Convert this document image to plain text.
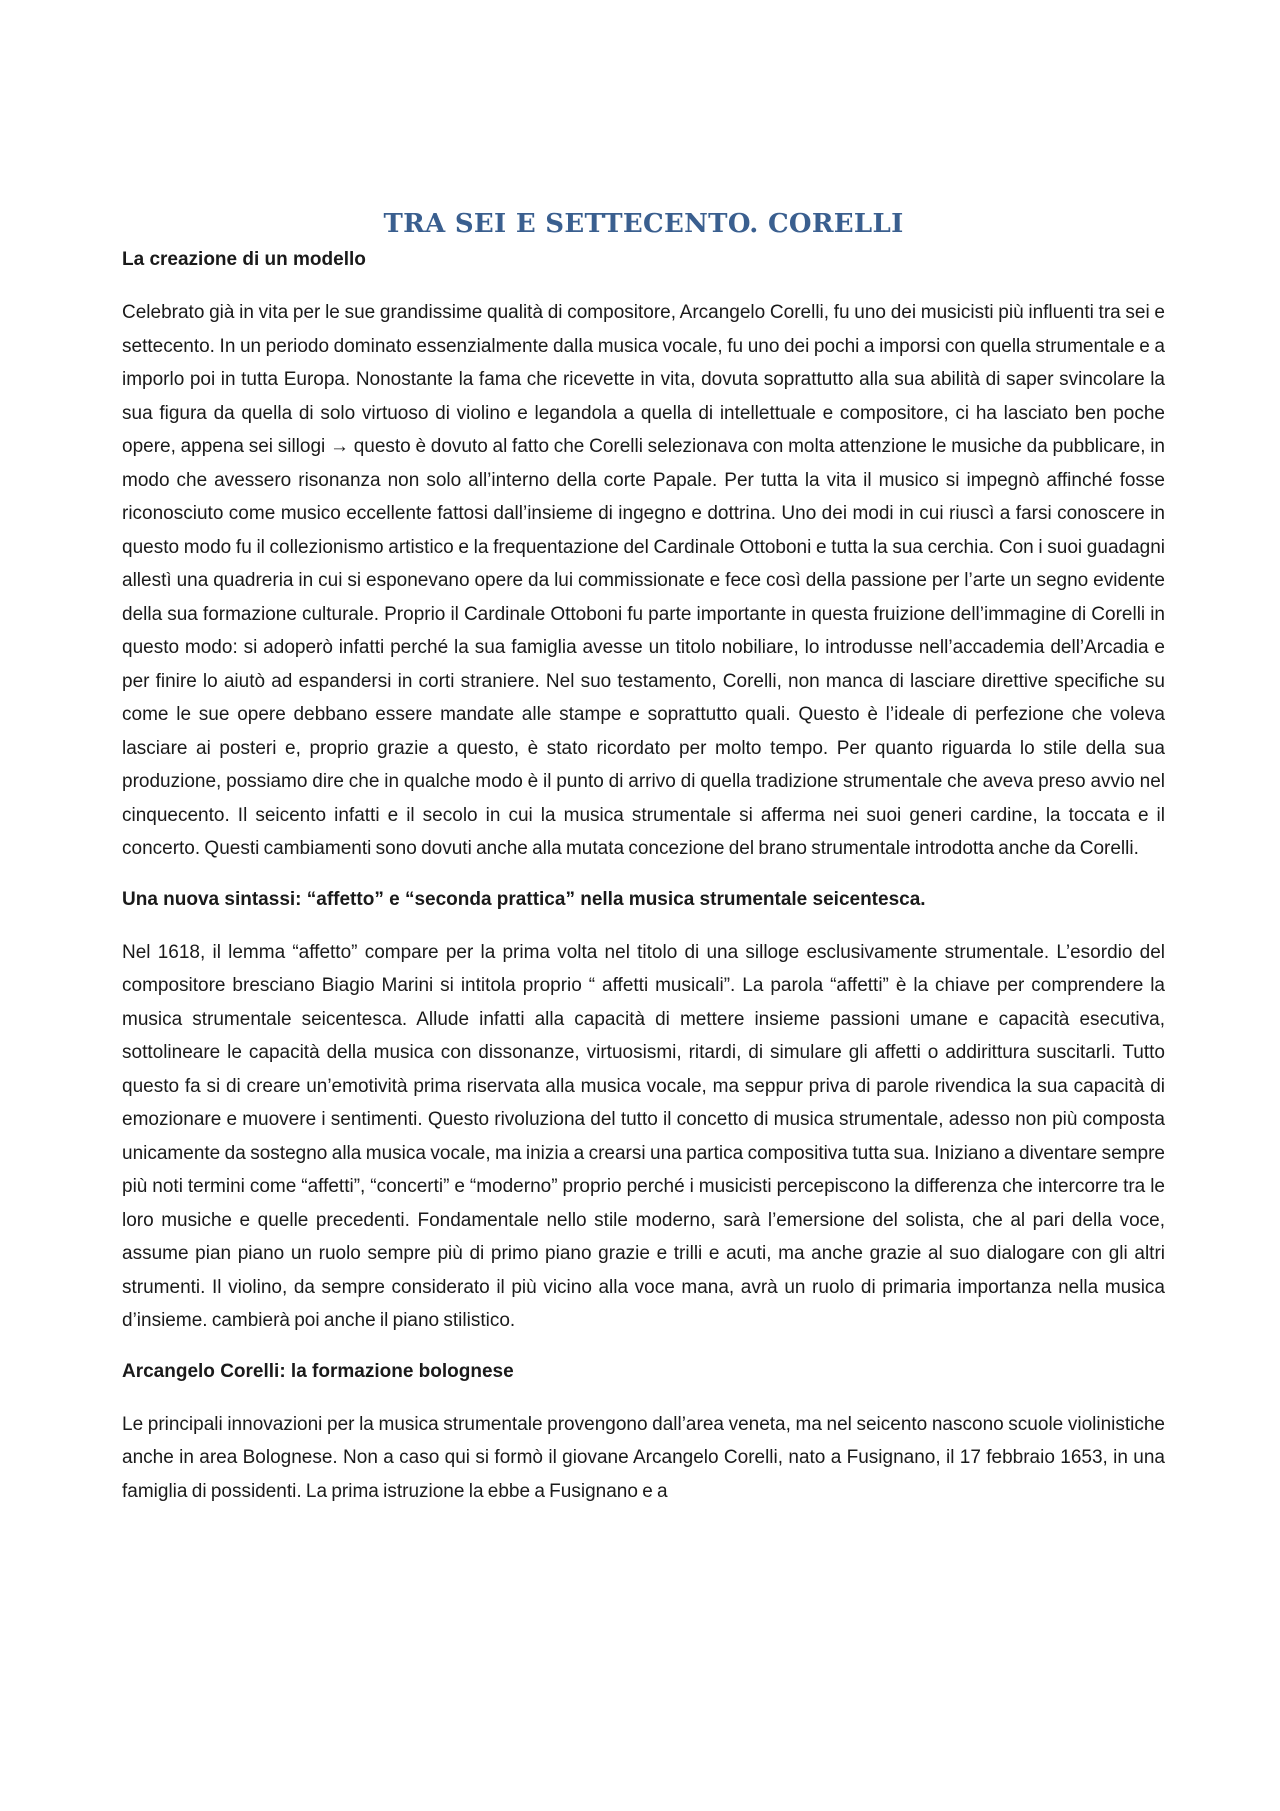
TRA SEI E SETTECENTO. CORELLI
La creazione di un modello

Celebrato già in vita per le sue grandissime qualità di compositore, Arcangelo Corelli, fu uno dei musicisti più influenti tra sei e settecento. In un periodo dominato essenzialmente dalla musica vocale, fu uno dei pochi a imporsi con quella strumentale e a imporlo poi in tutta Europa. Nonostante la fama che ricevette in vita, dovuta soprattutto alla sua abilità di saper svincolare la sua figura da quella di solo virtuoso di violino e legandola a quella di intellettuale e compositore, ci ha lasciato ben poche opere, appena sei sillogi → questo è dovuto al fatto che Corelli selezionava con molta attenzione le musiche da pubblicare, in modo che avessero risonanza non solo all’interno della corte Papale. Per tutta la vita il musico si impegnò affinché fosse riconosciuto come musico eccellente fattosi dall’insieme di ingegno e dottrina. Uno dei modi in cui riuscì a farsi conoscere in questo modo fu il collezionismo artistico e la frequentazione del Cardinale Ottoboni e tutta la sua cerchia. Con i suoi guadagni allestì una quadreria in cui si esponevano opere da lui commissionate e fece così della passione per l’arte un segno evidente della sua formazione culturale. Proprio il Cardinale Ottoboni fu parte importante in questa fruizione dell’immagine di Corelli in questo modo: si adoperò infatti perché la sua famiglia avesse un titolo nobiliare, lo introdusse nell’accademia dell’Arcadia e per finire lo aiutò ad espandersi in corti straniere. Nel suo testamento, Corelli, non manca di lasciare direttive specifiche su come le sue opere debbano essere mandate alle stampe e soprattutto quali. Questo è l’ideale di perfezione che voleva lasciare ai posteri e, proprio grazie a questo, è stato ricordato per molto tempo. Per quanto riguarda lo stile della sua produzione, possiamo dire che in qualche modo è il punto di arrivo di quella tradizione strumentale che aveva preso avvio nel cinquecento. Il seicento infatti e il secolo in cui la musica strumentale si afferma nei suoi generi cardine, la toccata e il concerto. Questi cambiamenti sono dovuti anche alla mutata concezione del brano strumentale introdotta anche da Corelli.

Una nuova sintassi: “affetto” e “seconda prattica” nella musica strumentale seicentesca.

Nel 1618, il lemma “affetto” compare per la prima volta nel titolo di una silloge esclusivamente strumentale. L’esordio del compositore bresciano Biagio Marini si intitola proprio “ affetti musicali”. La parola “affetti” è la chiave per comprendere la musica strumentale seicentesca. Allude infatti alla capacità di mettere insieme passioni umane e capacità esecutiva, sottolineare le capacità della musica con dissonanze, virtuosismi, ritardi, di simulare gli affetti o addirittura suscitarli. Tutto questo fa si di creare un’emotività prima riservata alla musica vocale, ma seppur priva di parole rivendica la sua capacità di emozionare e muovere i sentimenti. Questo rivoluziona del tutto il concetto di musica strumentale, adesso non più composta unicamente da sostegno alla musica vocale, ma inizia a crearsi una partica compositiva tutta sua. Iniziano a diventare sempre più noti termini come “affetti”, “concerti” e “moderno” proprio perché i musicisti percepiscono la differenza che intercorre tra le loro musiche e quelle precedenti. Fondamentale nello stile moderno, sarà l’emersione del solista, che al pari della voce, assume pian piano un ruolo sempre più di primo piano grazie e trilli e acuti, ma anche grazie al suo dialogare con gli altri strumenti. Il violino, da sempre considerato il più vicino alla voce mana, avrà un ruolo di primaria importanza nella musica d’insieme. cambierà poi anche il piano stilistico.

Arcangelo Corelli: la formazione bolognese

Le principali innovazioni per la musica strumentale provengono dall’area veneta, ma nel seicento nascono scuole violinistiche anche in area Bolognese. Non a caso qui si formò il giovane Arcangelo Corelli, nato a Fusignano, il 17 febbraio 1653, in una famiglia di possidenti. La prima istruzione la ebbe a Fusignano e a
